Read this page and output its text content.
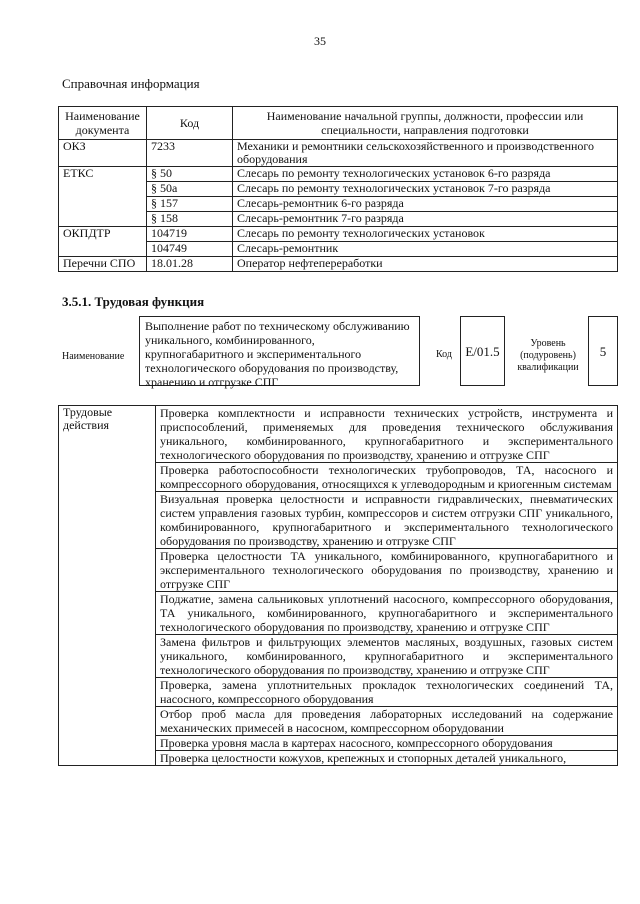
35
Справочная информация
Наименование документа	Код	Наименование начальной группы, должности, профессии или специальности, направления подготовки
ОКЗ	7233	Механики и ремонтники сельскохозяйственного и производственного оборудования
ЕТКС	§ 50	Слесарь по ремонту технологических установок 6-го разряда
	§ 50а	Слесарь по ремонту технологических установок 7-го разряда
	§ 157	Слесарь-ремонтник 6-го разряда
	§ 158	Слесарь-ремонтник 7-го разряда
ОКПДТР	104719	Слесарь по ремонту технологических установок
	104749	Слесарь-ремонтник
Перечни СПО	18.01.28	Оператор нефтепереработки
3.5.1. Трудовая функция
Наименование
Выполнение работ по техническому обслуживанию уникального, комбинированного, крупногабаритного и экспериментального технологического оборудования по производству, хранению и отгрузке СПГ
Код	E/01.5
Уровень (подуровень) квалификации
5
Трудовые действия	Проверка комплектности и исправности технических устройств, инструмента и приспособлений, применяемых для проведения технического обслуживания уникального, комбинированного, крупногабаритного и экспериментального технологического оборудования по производству, хранению и отгрузке СПГ
Проверка работоспособности технологических трубопроводов, ТА, насосного и компрессорного оборудования, относящихся к углеводородным и криогенным системам
Визуальная проверка целостности и исправности гидравлических, пневматических систем управления газовых турбин, компрессоров и систем отгрузки СПГ уникального, комбинированного, крупногабаритного и экспериментального технологического оборудования по производству, хранению и отгрузке СПГ
Проверка целостности ТА уникального, комбинированного, крупногабаритного и экспериментального технологического оборудования по производству, хранению и отгрузке СПГ
Поджатие, замена сальниковых уплотнений насосного, компрессорного оборудования, ТА уникального, комбинированного, крупногабаритного и экспериментального технологического оборудования по производству, хранению и отгрузке СПГ
Замена фильтров и фильтрующих элементов масляных, воздушных, газовых систем уникального, комбинированного, крупногабаритного и экспериментального технологического оборудования по производству, хранению и отгрузке СПГ
Проверка, замена уплотнительных прокладок технологических соединений ТА, насосного, компрессорного оборудования
Отбор проб масла для проведения лабораторных исследований на содержание механических примесей в насосном, компрессорном оборудовании
Проверка уровня масла в картерах насосного, компрессорного оборудования
Проверка целостности кожухов, крепежных и стопорных деталей уникального,
